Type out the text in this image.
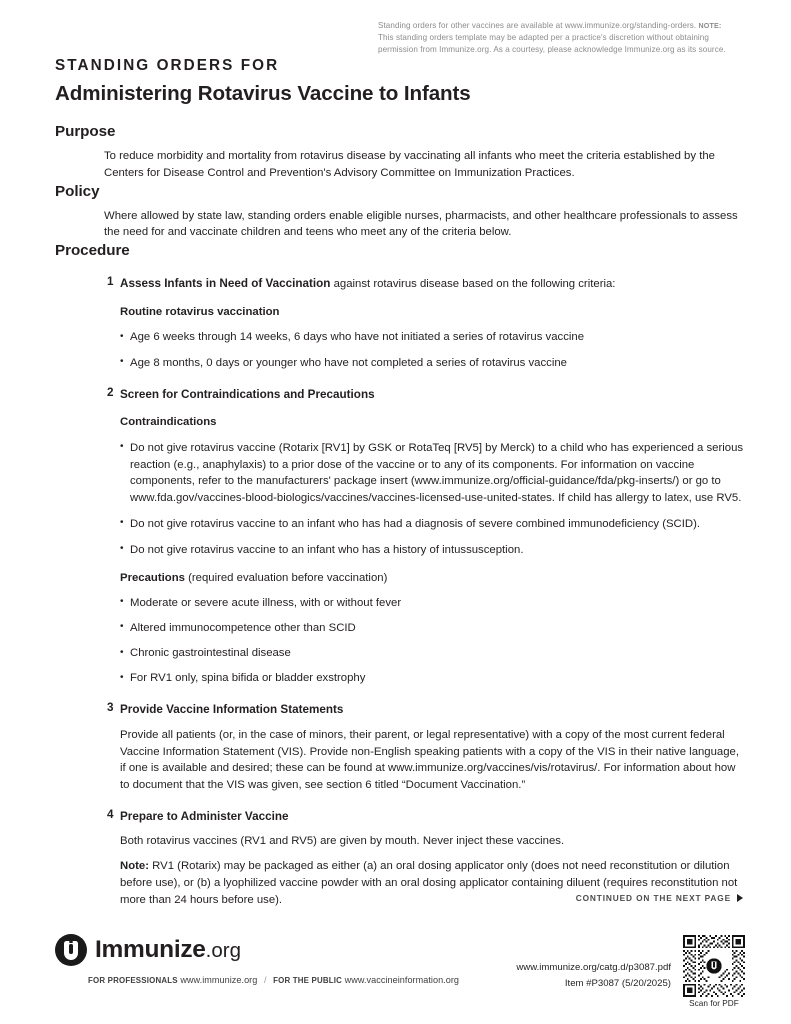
Standing orders for other vaccines are available at www.immunize.org/standing-orders. NOTE: This standing orders template may be adapted per a practice's discretion without obtaining permission from Immunize.org. As a courtesy, please acknowledge Immunize.org as its source.
STANDING ORDERS FOR
Administering Rotavirus Vaccine to Infants
Purpose

To reduce morbidity and mortality from rotavirus disease by vaccinating all infants who meet the criteria established by the Centers for Disease Control and Prevention's Advisory Committee on Immunization Practices.

Policy

Where allowed by state law, standing orders enable eligible nurses, pharmacists, and other healthcare professionals to assess the need for and vaccinate children and teens who meet any of the criteria below.

Procedure
1 Assess Infants in Need of Vaccination against rotavirus disease based on the following criteria:
Routine rotavirus vaccination
• Age 6 weeks through 14 weeks, 6 days who have not initiated a series of rotavirus vaccine
• Age 8 months, 0 days or younger who have not completed a series of rotavirus vaccine
2 Screen for Contraindications and Precautions
Contraindications
• Do not give rotavirus vaccine (Rotarix [RV1] by GSK or RotaTeq [RV5] by Merck) to a child who has experienced a serious reaction (e.g., anaphylaxis) to a prior dose of the vaccine or to any of its components. For information on vaccine components, refer to the manufacturers' package insert (www.immunize.org/official-guidance/fda/pkg-inserts/) or go to www.fda.gov/vaccines-blood-biologics/vaccines/vaccines-licensed-use-united-states. If child has allergy to latex, use RV5.
• Do not give rotavirus vaccine to an infant who has had a diagnosis of severe combined immunodeficiency (SCID).
• Do not give rotavirus vaccine to an infant who has a history of intussusception.
Precautions (required evaluation before vaccination)
• Moderate or severe acute illness, with or without fever
• Altered immunocompetence other than SCID
• Chronic gastrointestinal disease
• For RV1 only, spina bifida or bladder exstrophy
3 Provide Vaccine Information Statements

Provide all patients (or, in the case of minors, their parent, or legal representative) with a copy of the most current federal Vaccine Information Statement (VIS). Provide non-English speaking patients with a copy of the VIS in their native language, if one is available and desired; these can be found at www.immunize.org/vaccines/vis/rotavirus/. For information about how to document that the VIS was given, see section 6 titled “Document Vaccination.”

4 Prepare to Administer Vaccine

Both rotavirus vaccines (RV1 and RV5) are given by mouth. Never inject these vaccines.

Note: RV1 (Rotarix) may be packaged as either (a) an oral dosing applicator only (does not need reconstitution or dilution before use), or (b) a lyophilized vaccine powder with an oral dosing applicator containing diluent (requires reconstitution not more than 24 hours before use).	CONTINUED ON THE NEXT PAGE
Immunize.org
FOR PROFESSIONALS www.immunize.org / FOR THE PUBLIC www.vaccineinformation.org
www.immunize.org/catg.d/p3087.pdf
Item #P3087 (5/20/2025)
Scan for PDF
